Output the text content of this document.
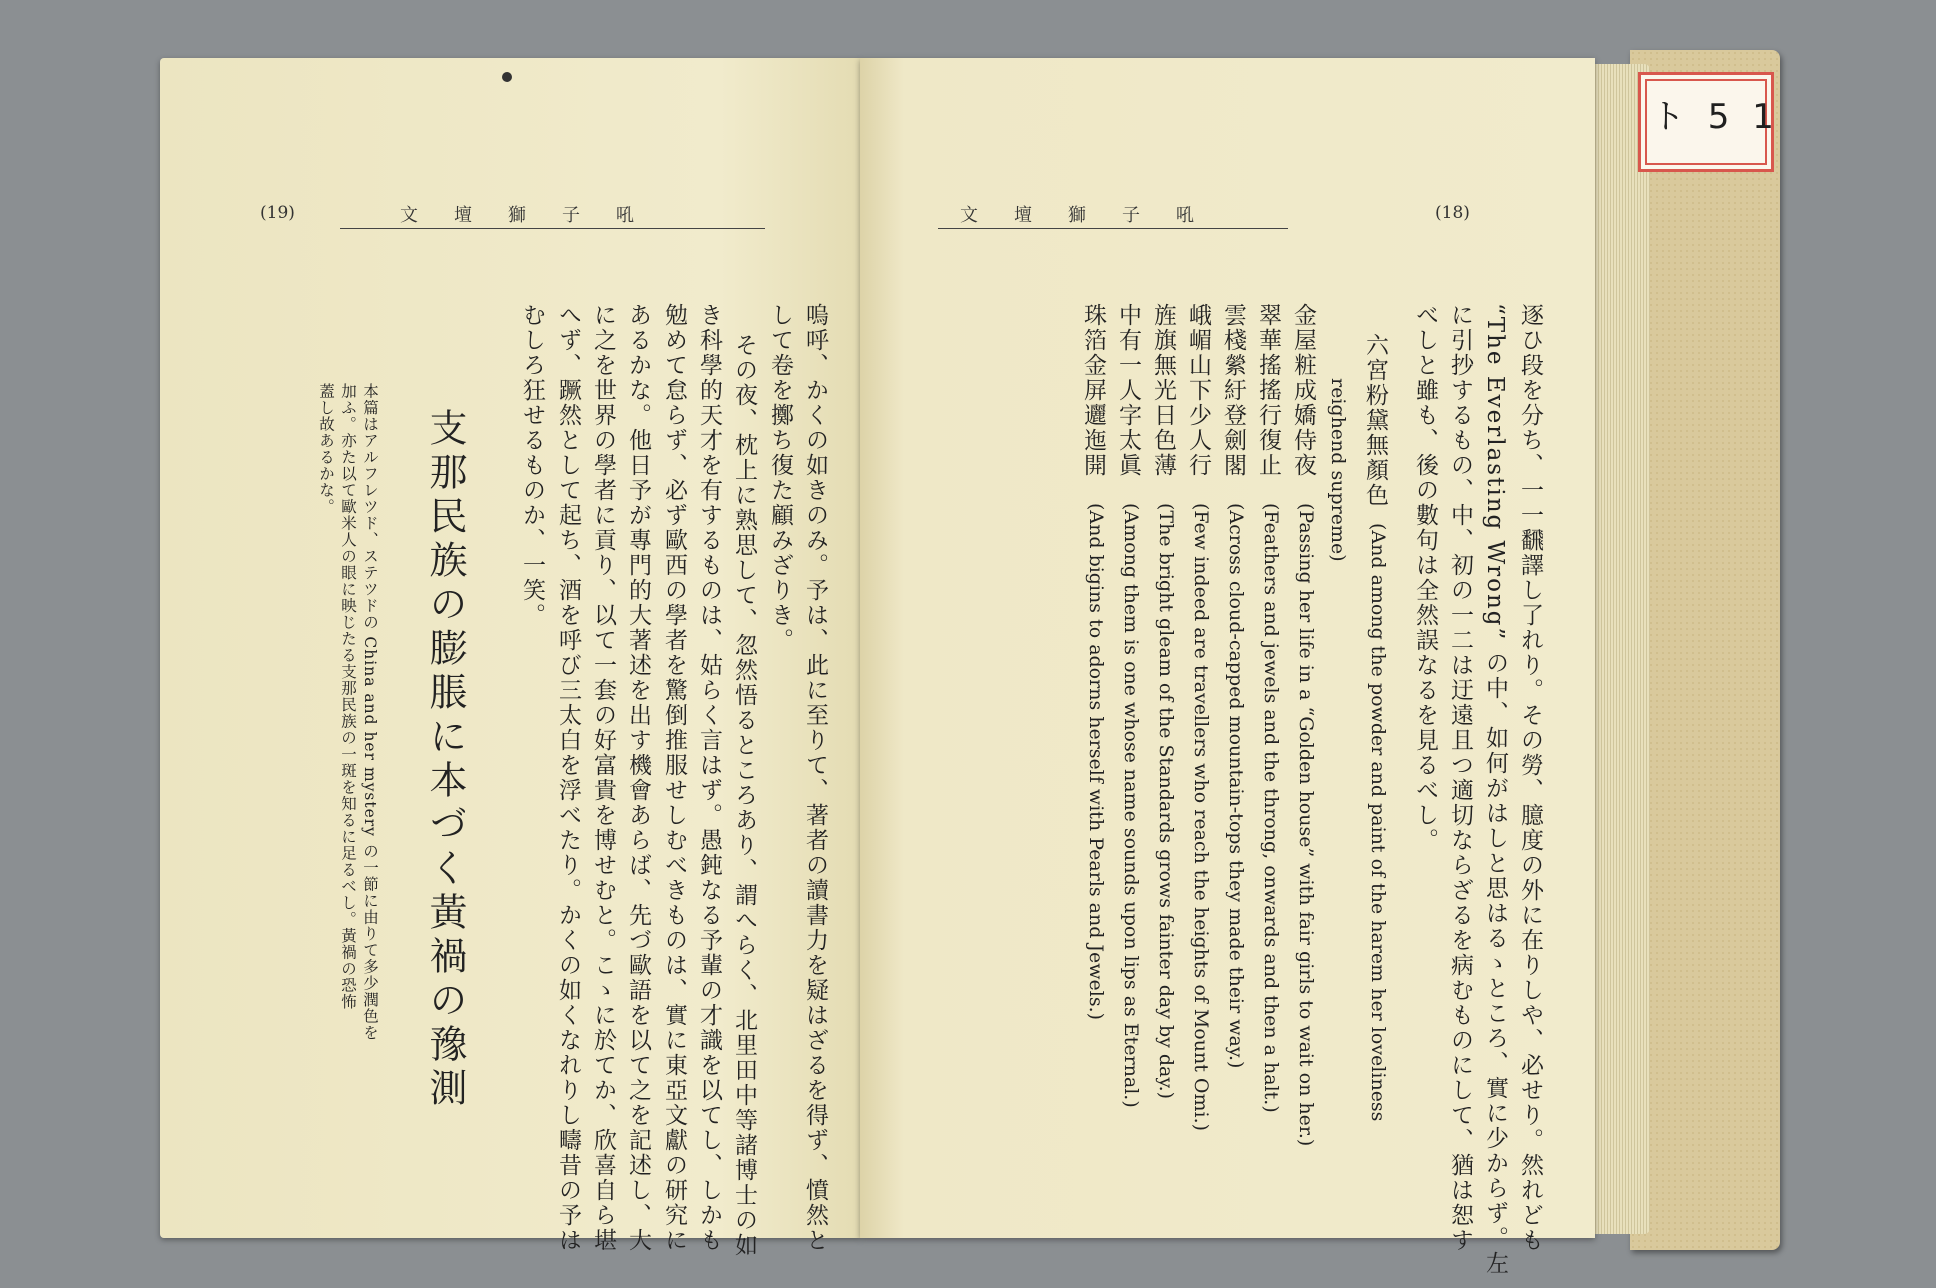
ト 5 1
(19)	文壇獅子吼
嗚呼、かくの如きのみ。予は、此に至りて、著者の讀書力を疑はざるを得ず、憤然と
して卷を擲ち復た顧みざりき。
その夜、枕上に熟思して、忽然悟るところあり、謂へらく、北里田中等諸博士の如
き科學的天才を有するものは、姑らく言はず。愚鈍なる予輩の才識を以てし、しかも
勉めて怠らず、必ず歐西の學者を驚倒推服せしむべきものは、實に東亞文獻の研究に
あるかな。他日予が專門的大著述を出す機會あらば、先づ歐語を以て之を記述し、大
に之を世界の學者に貢り、以て一套の好富貴を博せむと。こゝに於てか、欣喜自ら堪
へず、蹶然として起ち、酒を呼び三太白を浮べたり。かくの如くなれりし疇昔の予は
むしろ狂せるものか、一笑。
支那民族の膨脹に本づく黃禍の豫測
本篇はアルフレツド、ステツドの China and her mystery の一節に由りて多少潤色を
加ふ。亦た以て歐米人の眼に映じたる支那民族の一斑を知るに足るべし。黃禍の恐怖
蓋し故あるかな。
文壇獅子吼	(18)
逐ひ段を分ち、一一飜譯し了れり。その勞、臆度の外に在りしや、必せり。然れども
“The Everlasting Wrong” の中、如何がはしと思はるゝところ、實に少からず。左
に引抄するもの、中、初の一二は迂遠且つ適切ならざるを病むものにして、猶は恕す
べしと雖も、後の數句は全然誤なるを見るべし。
六宮粉黛無顏色
(And among the powder and paint of the harem her loveliness
reighend supreme)
金屋粧成嬌侍夜
(Passing her life in a “Golden house” with fair girls to wait on her.)
翠華搖搖行復止
(Feathers and jewels and the throng, onwards and then a halt.)
雲棧縈紆登劍閣
(Across cloud-capped mountain-tops they made their way.)
峨嵋山下少人行
(Few indeed are travellers who reach the heights of Mount Omi.)
旌旗無光日色薄
(The bright gleam of the Standards grows fainter day by day.)
中有一人字太眞
(Among them is one whose name sounds upon lips as Eternal.)
珠箔金屏邐迤開
(And bigins to adorns herself with Pearls and Jewels.)
